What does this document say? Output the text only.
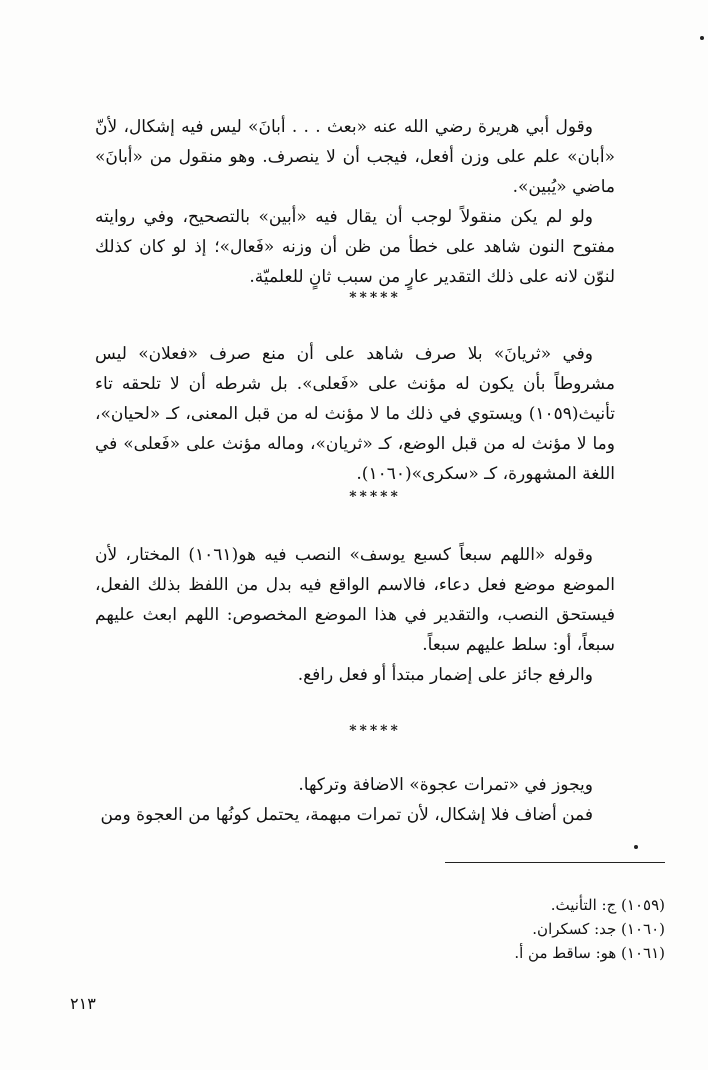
وقول أبي هريرة رضي الله عنه «بعث . . . أبانَ» ليس فيه إشكال، لأنّ «أبان» علم على وزن أفعل، فيجب أن لا ينصرف. وهو منقول من «أبانَ» ماضي «يُبين».

ولو لم يكن منقولاً لوجب أن يقال فيه «أبين» بالتصحيح، وفي روايته مفتوح النون شاهد على خطأ من ظن أن وزنه «فَعال»؛ إذ لو كان كذلك لنوّن لانه على ذلك التقدير عارٍ من سبب ثانٍ للعلميّة.

*****

وفي «ثريانَ» بلا صرف شاهد على أن منع صرف «فعلان» ليس مشروطاً بأن يكون له مؤنث على «فَعلى». بل شرطه أن لا تلحقه تاء تأنيث(١٠٥٩) ويستوي في ذلك ما لا مؤنث له من قبل المعنى، كـ «لحيان»، وما لا مؤنث له من قبل الوضع، كـ «ثريان»، وماله مؤنث على «فَعلى» في اللغة المشهورة، كـ «سكرى»(١٠٦٠).

*****

وقوله «اللهم سبعاً كسبع يوسف» النصب فيه هو(١٠٦١) المختار، لأن الموضع موضع فعل دعاء، فالاسم الواقع فيه بدل من اللفظ بذلك الفعل، فيستحق النصب، والتقدير في هذا الموضع المخصوص: اللهم ابعث عليهم سبعاً، أو: سلط عليهم سبعاً.

والرفع جائز على إضمار مبتدأ أو فعل رافع.

*****

ويجوز في «تمرات عجوة» الاضافة وتركها.

فمن أضاف فلا إشكال، لأن تمرات مبهمة، يحتمل كونُها من العجوة ومن

(١٠٥٩) ج: التأنيث.
(١٠٦٠) جد: كسكران.
(١٠٦١) هو: ساقط من أ.
٢١٣
